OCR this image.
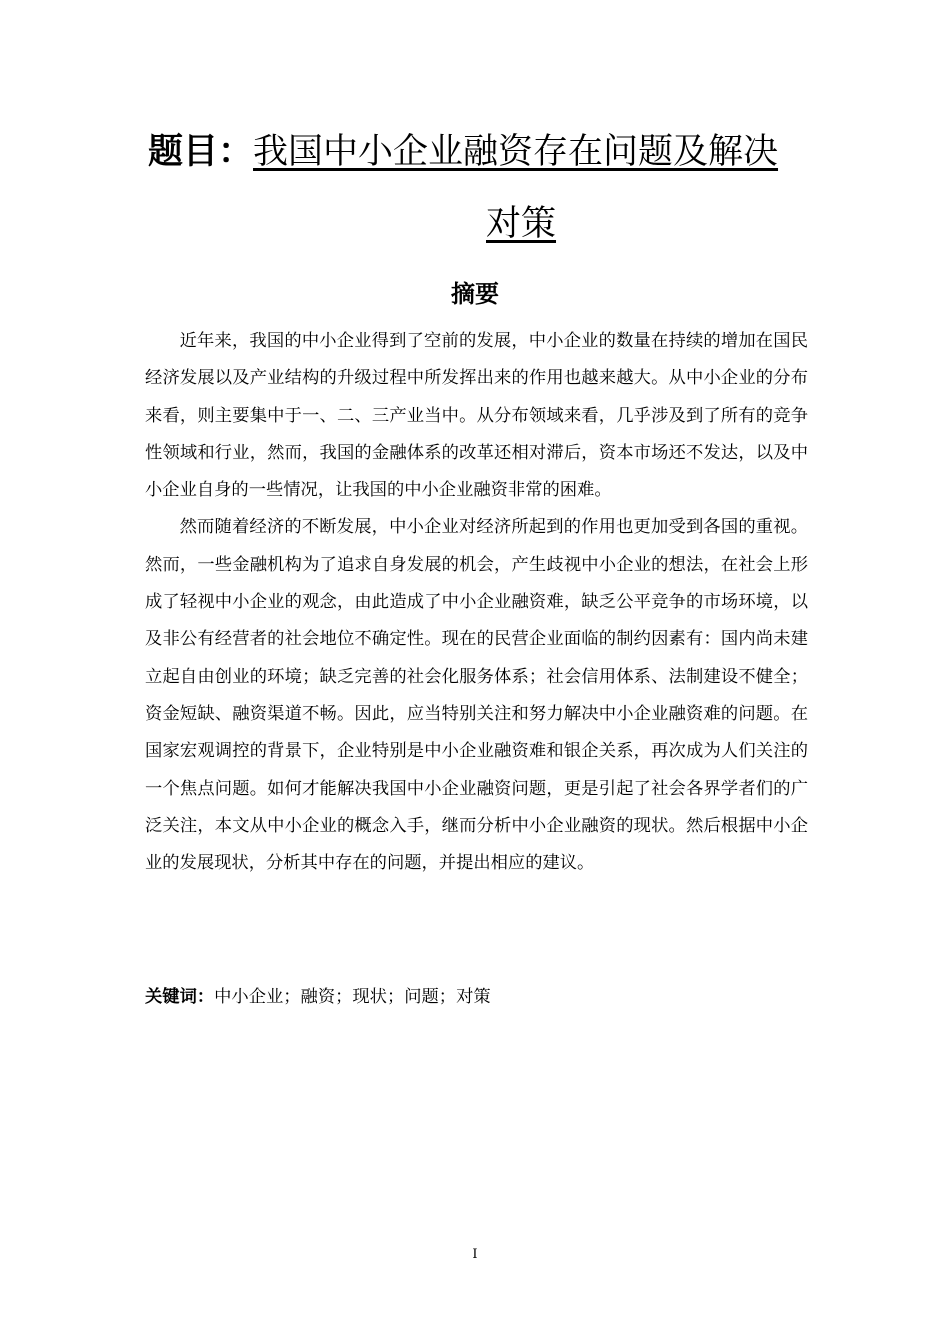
题目：我国中小企业融资存在问题及解决
对策
摘要

近年来，我国的中小企业得到了空前的发展，中小企业的数量在持续的增加在国民经济发展以及产业结构的升级过程中所发挥出来的作用也越来越大。从中小企业的分布来看，则主要集中于一、二、三产业当中。从分布领域来看，几乎涉及到了所有的竞争性领域和行业，然而，我国的金融体系的改革还相对滞后，资本市场还不发达，以及中小企业自身的一些情况，让我国的中小企业融资非常的困难。

然而随着经济的不断发展，中小企业对经济所起到的作用也更加受到各国的重视。然而，一些金融机构为了追求自身发展的机会，产生歧视中小企业的想法，在社会上形成了轻视中小企业的观念，由此造成了中小企业融资难，缺乏公平竞争的市场环境，以及非公有经营者的社会地位不确定性。现在的民营企业面临的制约因素有：国内尚未建立起自由创业的环境；缺乏完善的社会化服务体系；社会信用体系、法制建设不健全；资金短缺、融资渠道不畅。因此，应当特别关注和努力解决中小企业融资难的问题。在国家宏观调控的背景下，企业特别是中小企业融资难和银企关系，再次成为人们关注的一个焦点问题。如何才能解决我国中小企业融资问题，更是引起了社会各界学者们的广泛关注，本文从中小企业的概念入手，继而分析中小企业融资的现状。然后根据中小企业的发展现状，分析其中存在的问题，并提出相应的建议。

关键词：中小企业；融资；现状；问题；对策
I
